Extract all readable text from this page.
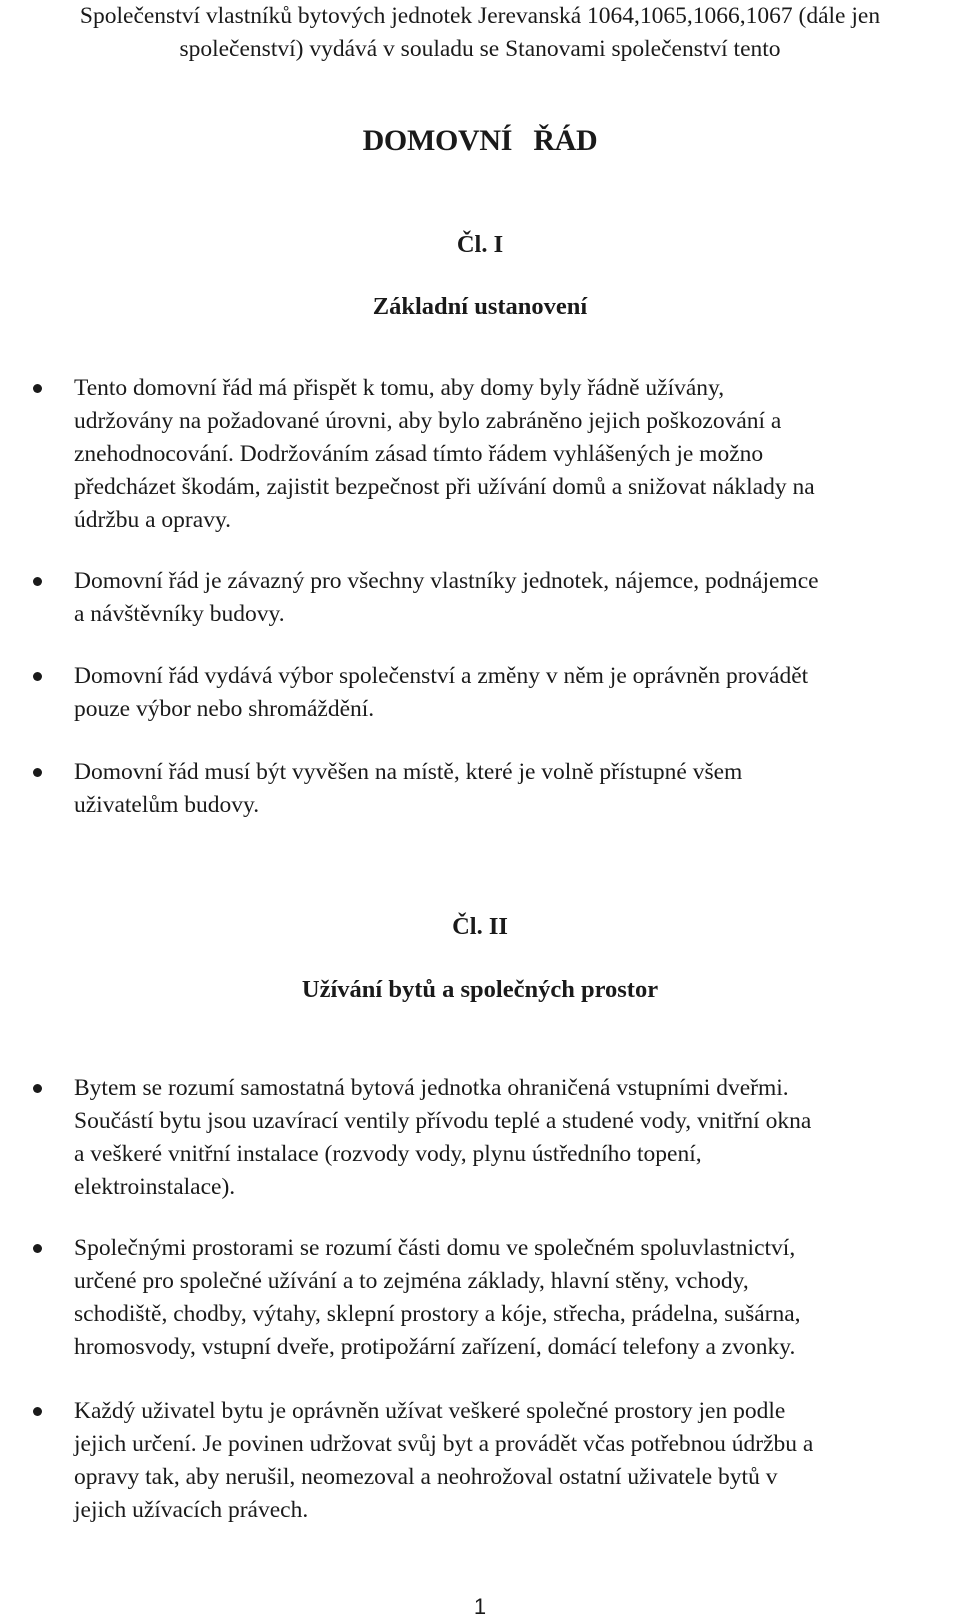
Společenství vlastníků bytových jednotek Jerevanská 1064,1065,1066,1067 (dále jen
společenství) vydává v souladu se Stanovami společenství tento
DOMOVNÍ ŘÁD
Čl. I
Základní ustanovení
Tento domovní řád má přispět k tomu, aby domy byly řádně užívány,
udržovány na požadované úrovni, aby bylo zabráněno jejich poškozování a
znehodnocování. Dodržováním zásad tímto řádem vyhlášených je možno
předcházet škodám, zajistit bezpečnost při užívání domů a snižovat náklady na
údržbu a opravy.
Domovní řád je závazný pro všechny vlastníky jednotek, nájemce, podnájemce
a návštěvníky budovy.
Domovní řád vydává výbor společenství a změny v něm je oprávněn provádět
pouze výbor nebo shromáždění.
Domovní řád musí být vyvěšen na místě, které je volně přístupné všem
uživatelům budovy.
Čl. II
Užívání bytů a společných prostor
Bytem se rozumí samostatná bytová jednotka ohraničená vstupními dveřmi.
Součástí bytu jsou uzavírací ventily přívodu teplé a studené vody, vnitřní okna
a veškeré vnitřní instalace (rozvody vody, plynu ústředního topení,
elektroinstalace).
Společnými prostorami se rozumí části domu ve společném spoluvlastnictví,
určené pro společné užívání a to zejména základy, hlavní stěny, vchody,
schodiště, chodby, výtahy, sklepní prostory a kóje, střecha, prádelna, sušárna,
hromosvody, vstupní dveře, protipožární zařízení, domácí telefony a zvonky.
Každý uživatel bytu je oprávněn užívat veškeré společné prostory jen podle
jejich určení. Je povinen udržovat svůj byt a provádět včas potřebnou údržbu a
opravy tak, aby nerušil, neomezoval a neohrožoval ostatní uživatele bytů v
jejich užívacích právech.
1
